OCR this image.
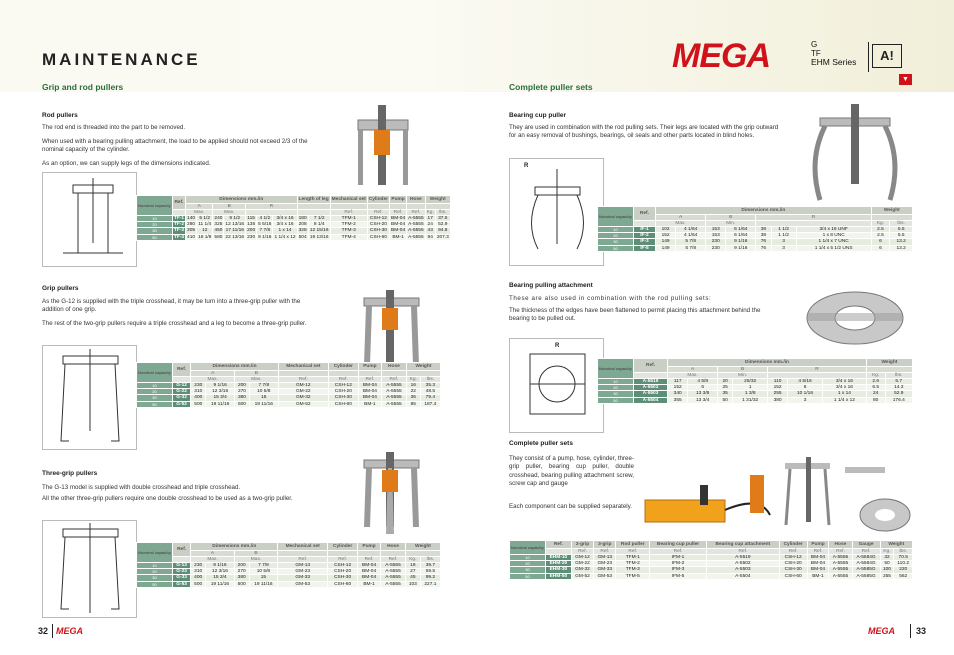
MAINTENANCE	MEGA	G
TF
EHM Series	A!
▼
Grip and rod pullers
Rod pullers
The rod end is threaded into the part to be removed.
When used with a bearing pulling attachment, the load to be applied should not exceed 2/3 of the nominal capacity of the cylinder.
As an option, we can supply legs of the dimensions indicated.
Nominal capacity	Ref.	Dimensions mm./in							Length of leg		Mechanical set	Cylinder	Pump	Hose	Weight	
		A		B		R										
		Max.		Max.							Ref.	Ref.	Ref.	Ref.	Kg.	lbs.
10	TF-1	140	5 1/2	240	9 1/2	115	4 1/2	3/4 x 16	180	7 1/2	TFM-1	CSH-12	BM-04	A-5555	17	37.5
20	TF-2	280	11 1/4	325	12 13/16	135	5 5/16	3/4 x 16	208	8 1/4	TFM-2	CSH-20	BM-04	A-5555	24	52.9
30	TF-3	305	12	450	17 11/16	200	7 7/8	1 x 14	328	12 15/16	TFM-3	CSH-30	BM-04	A-5555	43	94.8
50	TF-4	410	16 1/8	580	22 13/16	230	9 1/16	1 1/4 x 12	504	19 13/16	TFM-4	CSH-60	BM-1	A-5555	94	207.3
Grip pullers
As the G-12 is supplied with the triple crosshead, it may be turn into a three-grip puller with the addition of one grip.
The rest of the two-grip pullers require a triple crosshead and a leg to become a three-grip puller.
Nominal capacity	Ref.	Dimensions mm./in				Mechanical set	Cylinder	Pump	Hose	Weight	
		A		B							
		Max.		Max.		Ref.	Ref.	Ref.	Ref.	Kg.	lbs.
10	G-12	230	9 1/16	200	7 7/8	GM-12	CSH-12	BM-04	A-5555	16	35.3
20	G-22	310	12 3/16	270	10 5/8	GM-22	CSH-20	BM-04	A-5555	22	48.5
30	G-32	400	15 3/4	380	15	GM-32	CSH-30	BM-04	A-5555	36	79.4
50	G-52	500	19 11/16	500	19 11/16	GM-52	CSH-60	BM-1	A-5555	85	187.4
Three-grip pullers
The G-13 model is supplied with double crosshead and triple crosshead.
All the other three-grip pullers require one double crosshead to be used as a two-grip puller.
Nominal capacity	Ref.	Dimensions mm./in				Mechanical set	Cylinder	Pump	Hose	Weight	
		A		B							
		Max.		Max.		Ref.	Ref.	Ref.	Ref.	Kg.	lbs.
10	G-13	230	9 1/16	200	7 7/8	GM-13	CSH-12	BM-04	A-5555	18	39.7
20	G-23	310	12 3/16	270	10 5/8	GM-23	CSH-20	BM-04	A-5555	27	59.5
30	G-33	400	15 3/4	380	15	GM-33	CSH-30	BM-04	A-5555	45	99.2
50	G-53	500	19 11/16	500	19 11/16	GM-53	CSH-60	BM-1	A-5555	103	227.1
Complete puller sets
Bearing cup puller
They are used in combination with the rod pulling sets. Their legs are located with the grip outward for an easy removal of bushings, bearings, oil seals and other parts located in blind holes.
R
Nominal capacity	Ref.	Dimensions mm./in							Weight	
		A		B		R				
		Max.		Min.					Kg.	lbs.
10	IF-1	102	4 1/64	153	6 1/64	38	1 1/2	3/4 x 16 UNF	2.5	5.5
20	IF-2	152	4 1/64	153	6 1/64	38	1 1/2	1 x 8 UNC	2.5	5.5
30	IF-3	149	5 7/8	230	9 1/16	76	3	1 1/4 x 7 UNC	6	13.2
50	IF-5	149	5 7/8	230	9 1/16	76	3	1 1/4 x 5 1/2 UNS	6	13.2
Bearing pulling attachment
These are also used in combination with the rod pulling sets:
The thickness of the edges have been flattened to permit placing this attachment behind the bearing to be pulled out.
R
Nominal capacity	Ref.	Dimensions mm./in							Weight	
		A		B		R				
		Max.		Min.					Kg.	lbs.
10	A-5519	117	4 5/8	20	25/32	110	4 5/16	3/4 x 16	2.6	5.7
20	A-5502	152	6	25	1	152	6	3/4 x 16	6.5	14.3
30	A-5503	340	13 3/8	35	1 3/8	255	10 1/16	1 x 14	24	52.9
50	A-5504	355	13 3/4	50	1 31/32	380	3	1 1/4 x 12	80	176.4
Complete puller sets
They consist of a pump, hose, cylinder, three-grip puller, bearing cup puller, double crosshead, bearing pulling attachment screw, screw cap and gauge
Each component can be supplied separately.
Nominal capacity	Ref.	2-grip	3-grip	Rod puller	Bearing cup puller	Bearing cup attachment	Cylinder	Pump	Hose	Gauge	Weight	
		Ref.	Ref.	Ref.	Ref.	Ref.	Ref.	Ref.	Ref.	Ref.	Kg.	lbs.
10	EHM-10	GM-12	GM-13	TFM-1	IFM-1	A-5519	CSH-12	BM-04	A-5555	A-5584G	32	70.5
20	EHM-20	GM-22	GM-23	TFM-2	IFM-2	A-5502	CSH-20	BM-04	A-5555	A-5584G	50	110.2
30	EHM-30	GM-32	GM-33	TFM-3	IFM-3	A-5503	CSH-30	BM-04	A-5555	A-5585G	100	220
50	EHM-50	GM-52	GM-53	TFM-5	IFM-5	A-5504	CSH-60	BM-1	A-5555	A-5585G	255	562
32 MEGA	MEGA 33
